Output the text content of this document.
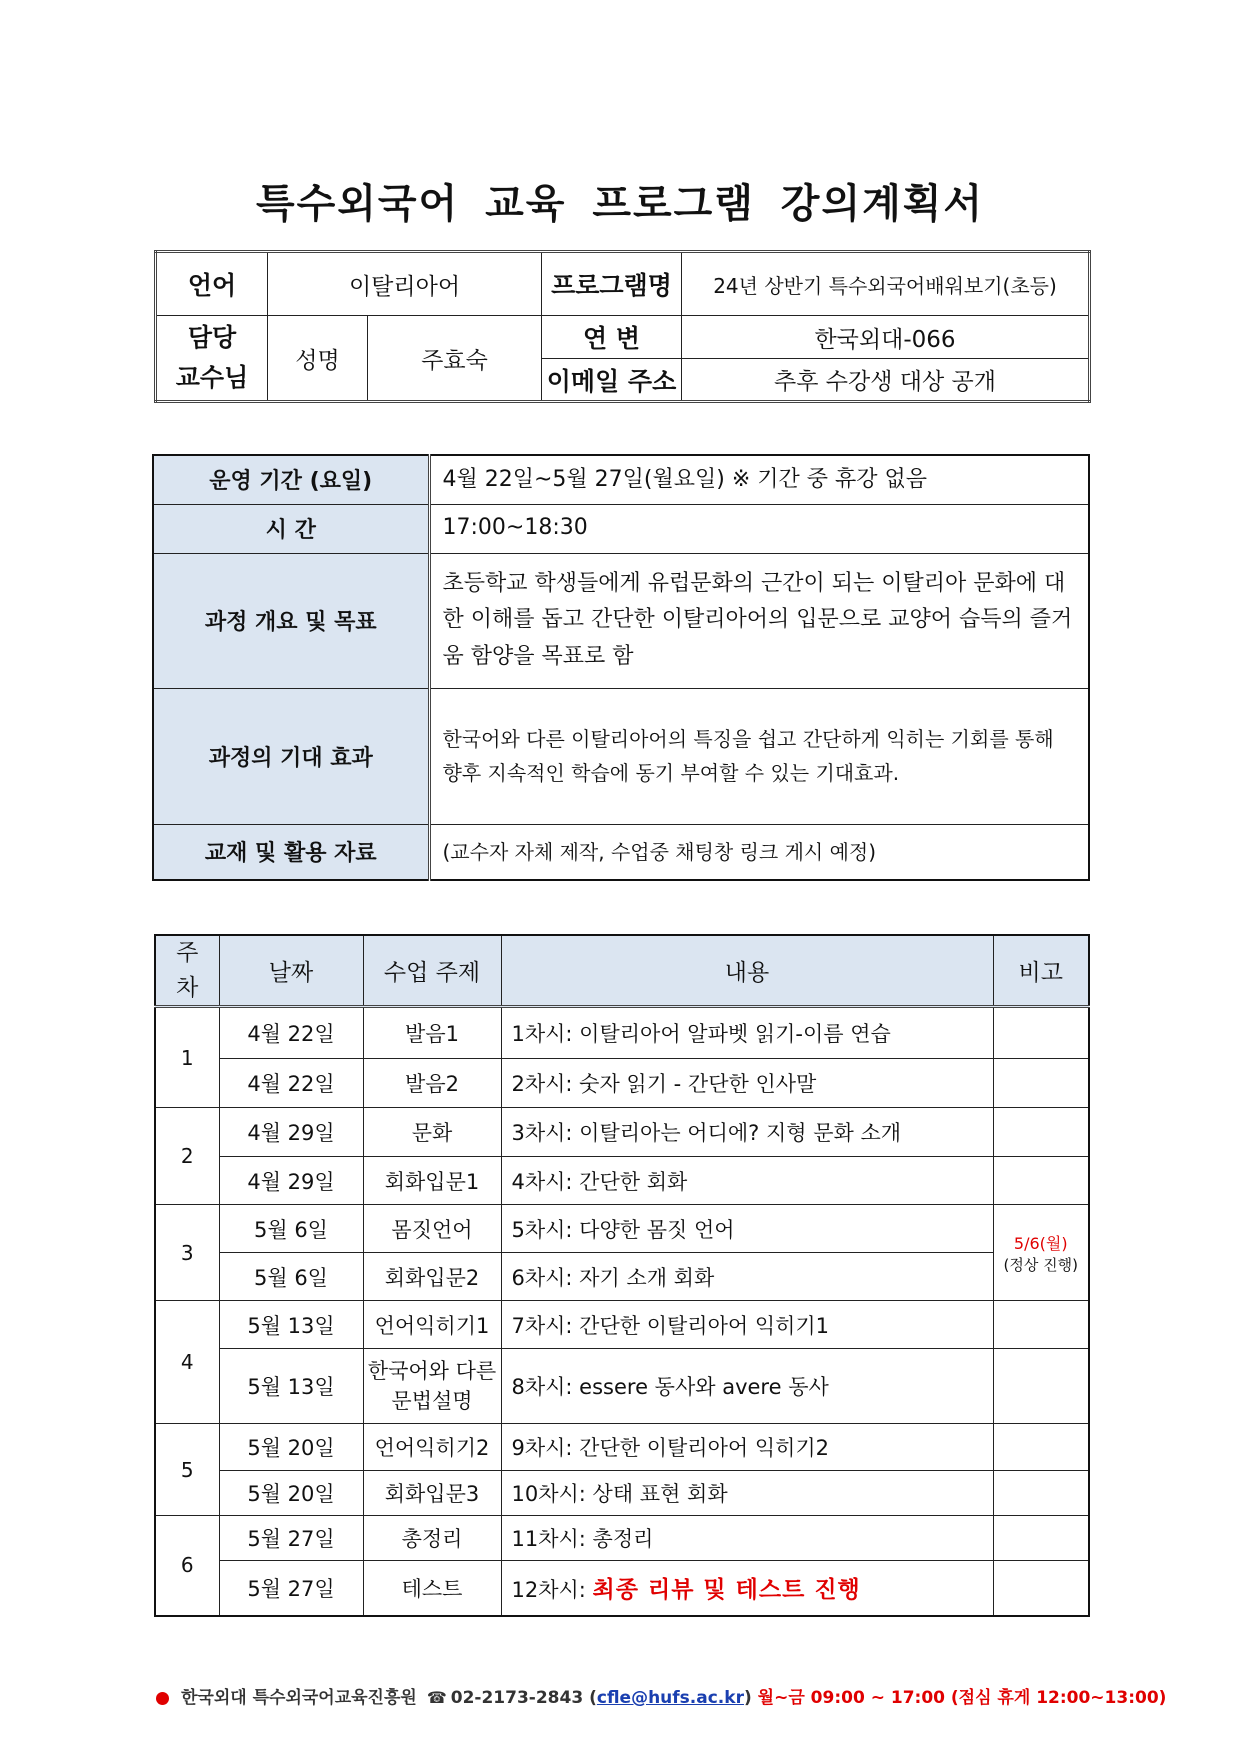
특수외국어 교육 프로그램 강의계획서
언어	이탈리아어		프로그램명	24년 상반기 특수외국어배워보기(초등)
담당
교수님	성명	주효숙	연 변	한국외대-066
			이메일 주소	추후 수강생 대상 공개
운영 기간 (요일)	4월 22일~5월 27일(월요일) ※ 기간 중 휴강 없음
시 간	17:00~18:30
과정 개요 및 목표	초등학교 학생들에게 유럽문화의 근간이 되는 이탈리아 문화에 대한 이해를 돕고 간단한 이탈리아어의 입문으로 교양어 습득의 즐거움 함양을 목표로 함
과정의 기대 효과	한국어와 다른 이탈리아어의 특징을 쉽고 간단하게 익히는 기회를 통해 향후 지속적인 학습에 동기 부여할 수 있는 기대효과.
교재 및 활용 자료	(교수자 자체 제작, 수업중 채팅창 링크 게시 예정)
주
차	날짜	수업 주제	내용	비고
1	4월 22일	발음1	1차시: 이탈리아어 알파벳 읽기-이름 연습	
	4월 22일	발음2	2차시: 숫자 읽기 - 간단한 인사말	
2	4월 29일	문화	3차시: 이탈리아는 어디에? 지형 문화 소개	
	4월 29일	회화입문1	4차시: 간단한 회화	
3	5월 6일	몸짓언어	5차시: 다양한 몸짓 언어	5/6(월)
(정상 진행)

	5월 6일	회화입문2	6차시: 자기 소개 회화	
4	5월 13일	언어익히기1	7차시: 간단한 이탈리아어 익히기1	
	5월 13일	한국어와 다른
문법설명	8차시: essere 동사와 avere 동사	
5	5월 20일	언어익히기2	9차시: 간단한 이탈리아어 익히기2	
	5월 20일	회화입문3	10차시: 상태 표현 회화	
6	5월 27일	총정리	11차시: 총정리	
	5월 27일	테스트	12차시: 최종 리뷰 및 테스트 진행	
한국외대 특수외국어교육진흥원 ☎ 02-2173-2843 (cfle@hufs.ac.kr) 월~금 09:00 ~ 17:00 (점심 휴게 12:00~13:00)
